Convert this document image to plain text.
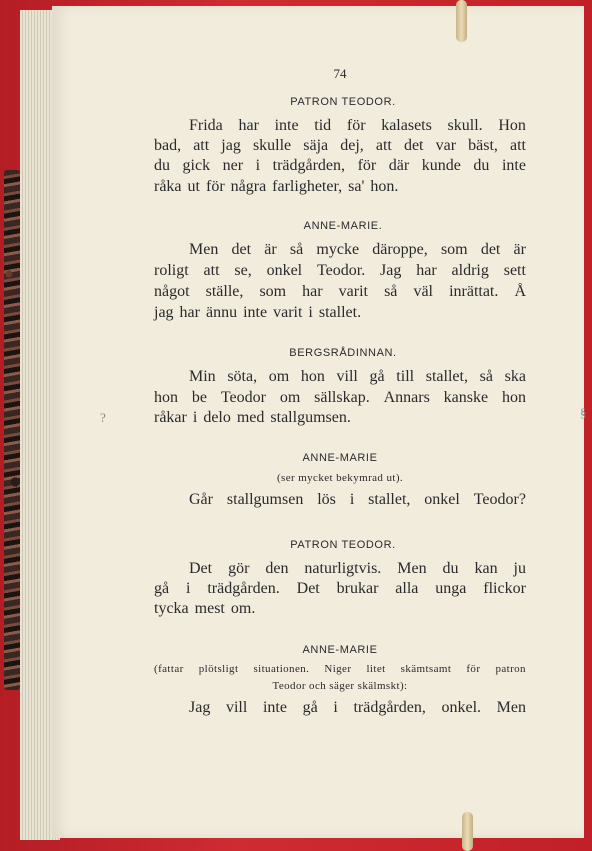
74
PATRON TEODOR.
Frida har inte tid för kalasets skull. Hon
bad, att jag skulle säja dej, att det var bäst, att
du gick ner i trädgården, för där kunde du inte
råka ut för några farligheter, sa' hon.
ANNE-MARIE.
Men det är så mycke däroppe, som det är
roligt att se, onkel Teodor. Jag har aldrig sett
något ställe, som har varit så väl inrättat. Å
jag har ännu inte varit i stallet.
BERGSRÅDINNAN.
Min söta, om hon vill gå till stallet, så ska
hon be Teodor om sällskap. Annars kanske hon
råkar i delo med stallgumsen.
ANNE-MARIE
(ser mycket bekymrad ut).
Går stallgumsen lös i stallet, onkel Teodor?
PATRON TEODOR.
Det gör den naturligtvis. Men du kan ju
gå i trädgården. Det brukar alla unga flickor
tycka mest om.
ANNE-MARIE
(fattar plötsligt situationen. Niger litet skämtsamt för patron
Teodor och säger skälmskt):
Jag vill inte gå i trädgården, onkel. Men
?	§
